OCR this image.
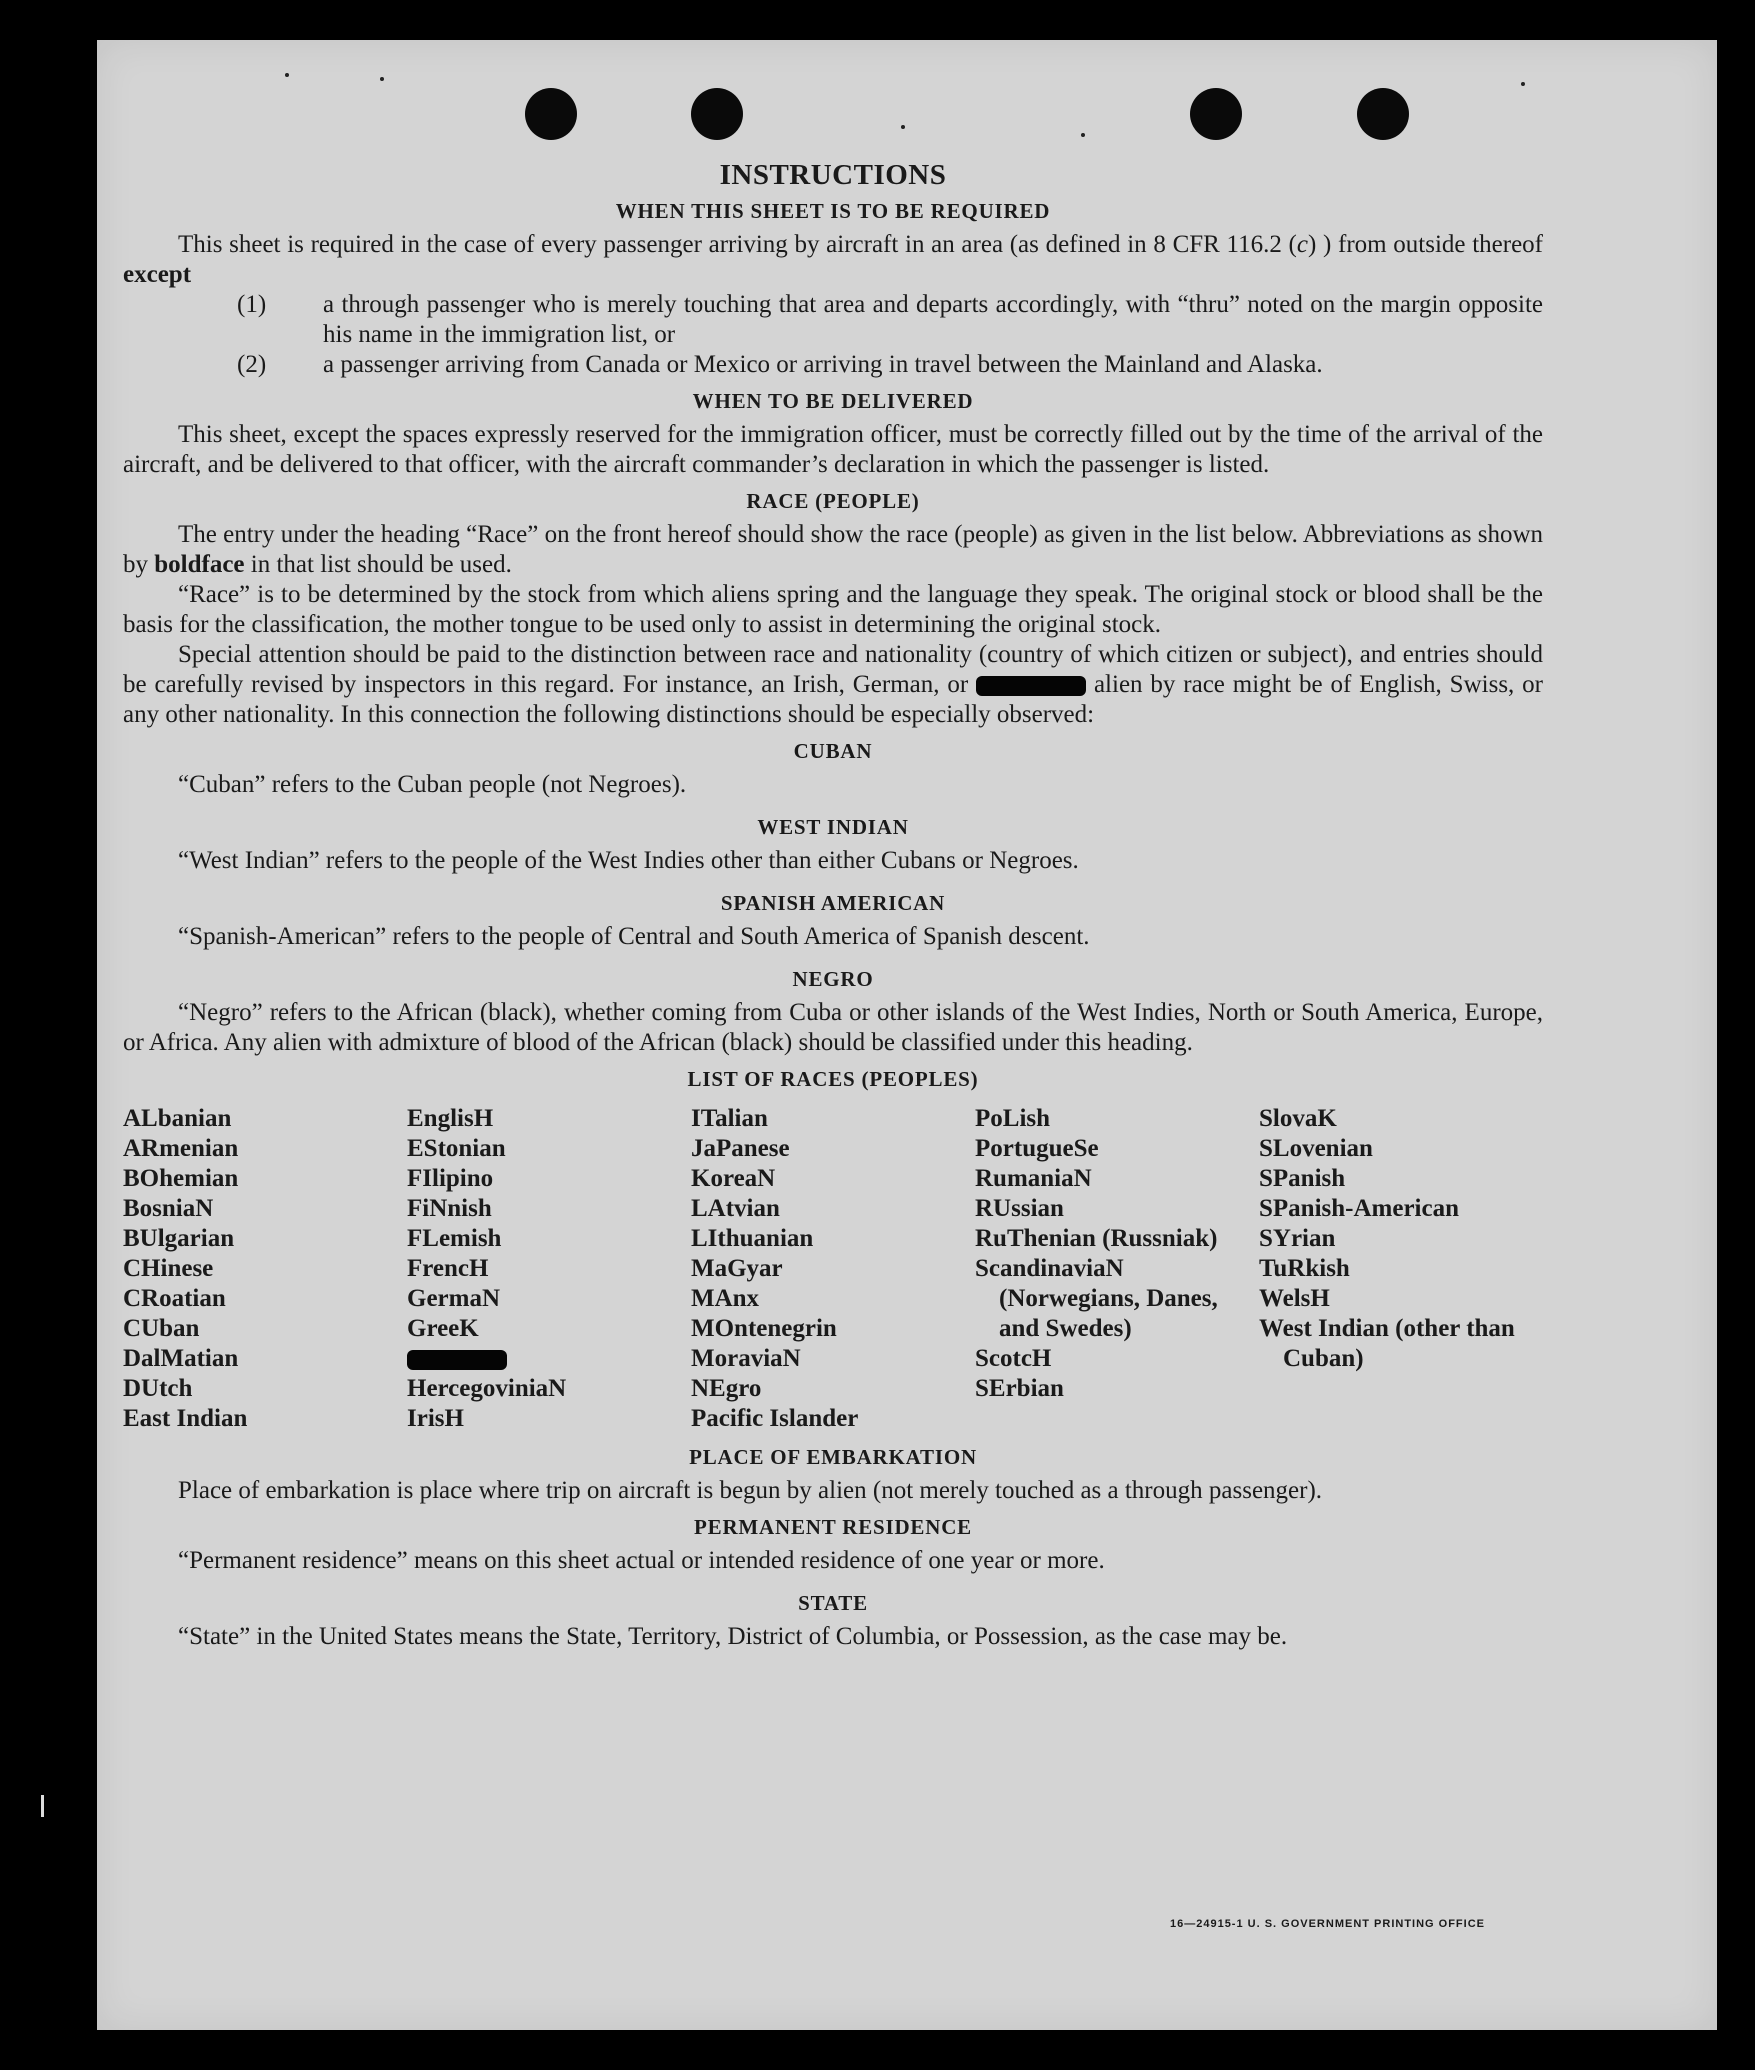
INSTRUCTIONS
WHEN THIS SHEET IS TO BE REQUIRED

This sheet is required in the case of every passenger arriving by aircraft in an area (as defined in 8 CFR 116.2 (c) ) from outside thereof except

(1) a through passenger who is merely touching that area and departs accordingly, with “thru” noted on the margin opposite his name in the immigration list, or

(2) a passenger arriving from Canada or Mexico or arriving in travel between the Mainland and Alaska.

WHEN TO BE DELIVERED

This sheet, except the spaces expressly reserved for the immigration officer, must be correctly filled out by the time of the arrival of the aircraft, and be delivered to that officer, with the aircraft commander’s declaration in which the passenger is listed.

RACE (PEOPLE)

The entry under the heading “Race” on the front hereof should show the race (people) as given in the list below. Abbreviations as shown by boldface in that list should be used.

“Race” is to be determined by the stock from which aliens spring and the language they speak. The original stock or blood shall be the basis for the classification, the mother tongue to be used only to assist in determining the original stock.

Special attention should be paid to the distinction between race and nationality (country of which citizen or subject), and entries should be carefully revised by inspectors in this regard. For instance, an Irish, German, or	alien by race might be of English, Swiss, or any other nationality. In this connection the following distinctions should be especially observed:

CUBAN

“Cuban” refers to the Cuban people (not Negroes).

WEST INDIAN

“West Indian” refers to the people of the West Indies other than either Cubans or Negroes.

SPANISH AMERICAN

“Spanish-American” refers to the people of Central and South America of Spanish descent.

NEGRO

“Negro” refers to the African (black), whether coming from Cuba or other islands of the West Indies, North or South America, Europe, or Africa. Any alien with admixture of blood of the African (black) should be classified under this heading.

LIST OF RACES (PEOPLES)
ALbanian
ARmenian
BOhemian
BosniaN
BUlgarian
CHinese
CRoatian
CUban
DalMatian
DUtch
East Indian
EnglisH
EStonian
FIlipino
FiNnish
FLemish
FrencH
GermaN
GreeK
HercegoviniaN
IrisH
ITalian
JaPanese
KoreaN
LAtvian
LIthuanian
MaGyar
MAnx
MOntenegrin
MoraviaN
NEgro
Pacific Islander
PoLish
PortugueSe
RumaniaN
RUssian
RuThenian (Russniak)
ScandinaviaN (Norwegians, Danes, and Swedes)
ScotcH
SErbian
SlovaK
SLovenian
SPanish
SPanish-American
SYrian
TuRkish
WelsH
West Indian (other than Cuban)
PLACE OF EMBARKATION

Place of embarkation is place where trip on aircraft is begun by alien (not merely touched as a through passenger).

PERMANENT RESIDENCE

“Permanent residence” means on this sheet actual or intended residence of one year or more.

STATE

“State” in the United States means the State, Territory, District of Columbia, or Possession, as the case may be.

16—24915-1 U. S. GOVERNMENT PRINTING OFFICE
